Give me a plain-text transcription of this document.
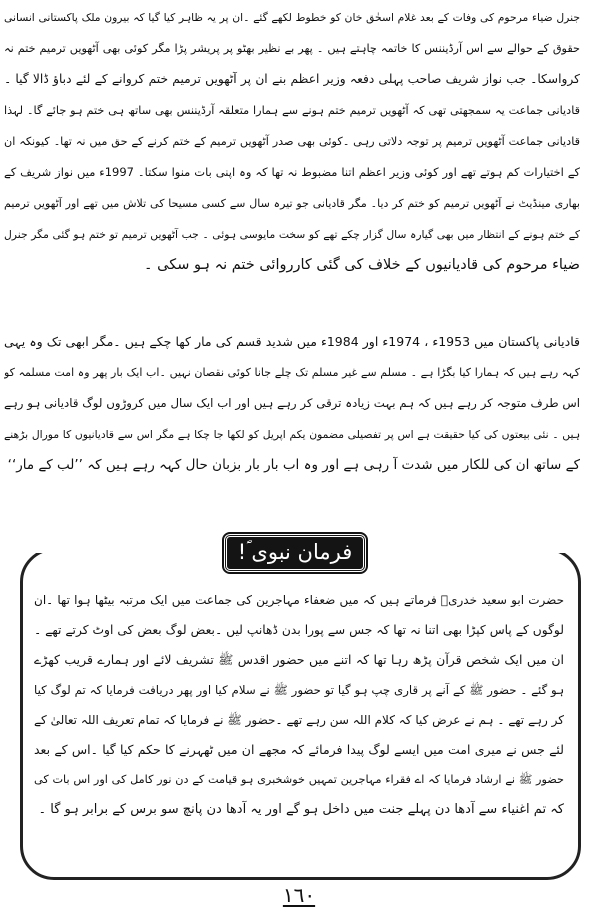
جنرل ضیاء مرحوم کی وفات کے بعد غلام اسحٰق خان کو خطوط لکھے گئے ۔ان پر یہ ظاہر کیا گیا کہ بیرون ملک پاکستانی انسانی
حقوق کے حوالے سے اس آرڈیننس کا خاتمہ چاہتے ہیں ۔ پھر بے نظیر بھٹو پر پریشر پڑا مگر کوئی بھی آٹھویں ترمیم ختم نہ
کرواسکا۔ جب نواز شریف صاحب پہلی دفعہ وزیر اعظم بنے ان پر آٹھویں ترمیم ختم کروانے کے لئے دباؤ ڈالا گیا ۔
قادیانی جماعت یہ سمجھتی تھی کہ آٹھویں ترمیم ختم ہونے سے ہمارا متعلقہ آرڈیننس بھی ساتھ ہی ختم ہو جائے گا۔ لہذا
قادیانی جماعت آٹھویں ترمیم پر توجہ دلاتی رہی ۔کوئی بھی صدر آٹھویں ترمیم کے ختم کرنے کے حق میں نہ تھا۔ کیونکہ ان
کے اختیارات کم ہوتے تھے اور کوئی وزیر اعظم اتنا مضبوط نہ تھا کہ وہ اپنی بات منوا سکتا۔ 1997ء میں نواز شریف کے
بھاری مینڈیٹ نے آٹھویں ترمیم کو ختم کر دیا۔ مگر قادیانی جو تیرہ سال سے کسی مسیحا کی تلاش میں تھے اور آٹھویں ترمیم
کے ختم ہونے کے انتظار میں بھی گیارہ سال گزار چکے تھے کو سخت مایوسی ہوئی ۔ جب آٹھویں ترمیم تو ختم ہو گئی مگر جنرل
ضیاء مرحوم کی قادیانیوں کے خلاف کی گئی کارروائی ختم نہ ہو سکی ۔
قادیانی پاکستان میں 1953ء ، 1974ء اور 1984ء میں شدید قسم کی مار کھا چکے ہیں ۔مگر ابھی تک وہ یہی
کہہ رہے ہیں کہ ہمارا کیا بگڑا ہے ۔ مسلم سے غیر مسلم تک چلے جانا کوئی نقصان نہیں ۔اب ایک بار پھر وہ امت مسلمہ کو
اس طرف متوجہ کر رہے ہیں کہ ہم بہت زیادہ ترقی کر رہے ہیں اور اب ایک سال میں کروڑوں لوگ قادیانی ہو رہے
ہیں ۔ نئی بیعتوں کی کیا حقیقت ہے اس پر تفصیلی مضمون یکم اپریل کو لکھا جا چکا ہے مگر اس سے قادیانیوں کا مورال بڑھنے
کے ساتھ ان کی للکار میں شدت آ رہی ہے اور وہ اب بار بار بزبان حال کہہ رہے ہیں کہ ’’لب کے مار‘‘
فرمان نبوی ؐ!
حضرت ابو سعید خدریؓ فرماتے ہیں کہ میں ضعفاء مہاجرین کی جماعت میں ایک مرتبہ بیٹھا ہوا تھا ۔ان
لوگوں کے پاس کپڑا بھی اتنا نہ تھا کہ جس سے پورا بدن ڈھانپ لیں ۔بعض لوگ بعض کی اوٹ کرتے تھے ۔
ان میں ایک شخص قرآن پڑھ رہا تھا کہ اتنے میں حضور اقدس ﷺ تشریف لائے اور ہمارے قریب کھڑے
ہو گئے ۔ حضور ﷺ کے آنے پر قاری چپ ہو گیا تو حضور ﷺ نے سلام کیا اور پھر دریافت فرمایا کہ تم لوگ کیا
کر رہے تھے ۔ ہم نے عرض کیا کہ کلام اللہ سن رہے تھے ۔حضور ﷺ نے فرمایا کہ تمام تعریف اللہ تعالیٰ کے
لئے جس نے میری امت میں ایسے لوگ پیدا فرمائے کہ مجھے ان میں ٹھہرنے کا حکم کیا گیا ۔اس کے بعد
حضور ﷺ نے ارشاد فرمایا کہ اے فقراء مہاجرین تمہیں خوشخبری ہو قیامت کے دن نور کامل کی اور اس بات کی
کہ تم اغنیاء سے آدھا دن پہلے جنت میں داخل ہو گے اور یہ آدھا دن پانچ سو برس کے برابر ہو گا ۔
١٦٠
